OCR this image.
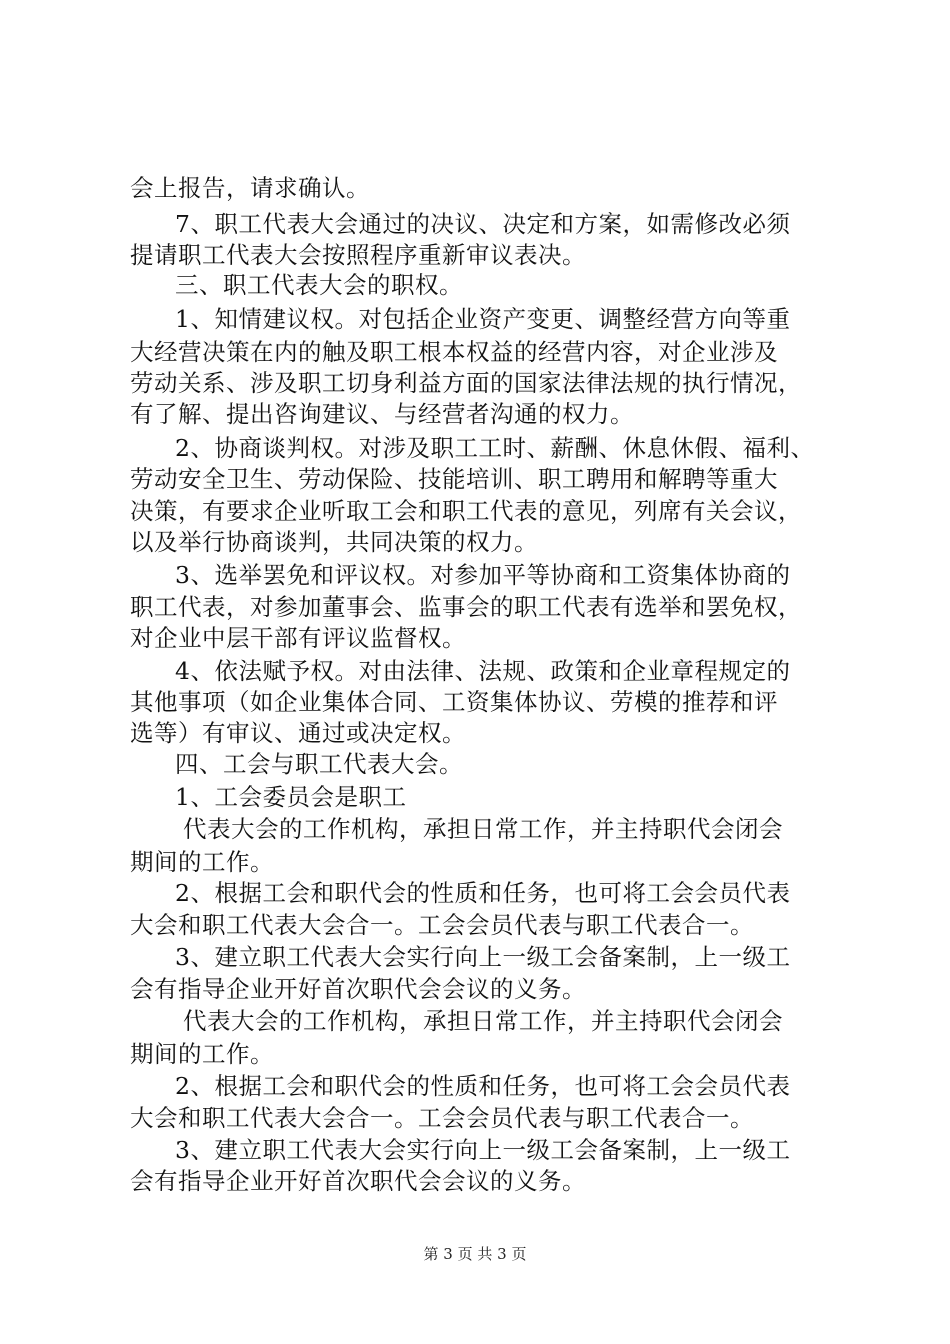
会上报告，请求确认。
7、职工代表大会通过的决议、决定和方案，如需修改必须
提请职工代表大会按照程序重新审议表决。
三、职工代表大会的职权。
1、知情建议权。对包括企业资产变更、调整经营方向等重
大经营决策在内的触及职工根本权益的经营内容，对企业涉及
劳动关系、涉及职工切身利益方面的国家法律法规的执行情况，
有了解、提出咨询建议、与经营者沟通的权力。
2、协商谈判权。对涉及职工工时、薪酬、休息休假、福利、
劳动安全卫生、劳动保险、技能培训、职工聘用和解聘等重大
决策，有要求企业听取工会和职工代表的意见，列席有关会议，
以及举行协商谈判，共同决策的权力。
3、选举罢免和评议权。对参加平等协商和工资集体协商的
职工代表，对参加董事会、监事会的职工代表有选举和罢免权，
对企业中层干部有评议监督权。
4、依法赋予权。对由法律、法规、政策和企业章程规定的
其他事项（如企业集体合同、工资集体协议、劳模的推荐和评
选等）有审议、通过或决定权。
四、工会与职工代表大会。
1、工会委员会是职工
代表大会的工作机构，承担日常工作，并主持职代会闭会
期间的工作。
2、根据工会和职代会的性质和任务，也可将工会会员代表
大会和职工代表大会合一。工会会员代表与职工代表合一。
3、建立职工代表大会实行向上一级工会备案制，上一级工
会有指导企业开好首次职代会会议的义务。
代表大会的工作机构，承担日常工作，并主持职代会闭会
期间的工作。
2、根据工会和职代会的性质和任务，也可将工会会员代表
大会和职工代表大会合一。工会会员代表与职工代表合一。
3、建立职工代表大会实行向上一级工会备案制，上一级工
会有指导企业开好首次职代会会议的义务。
第 3 页 共 3 页
